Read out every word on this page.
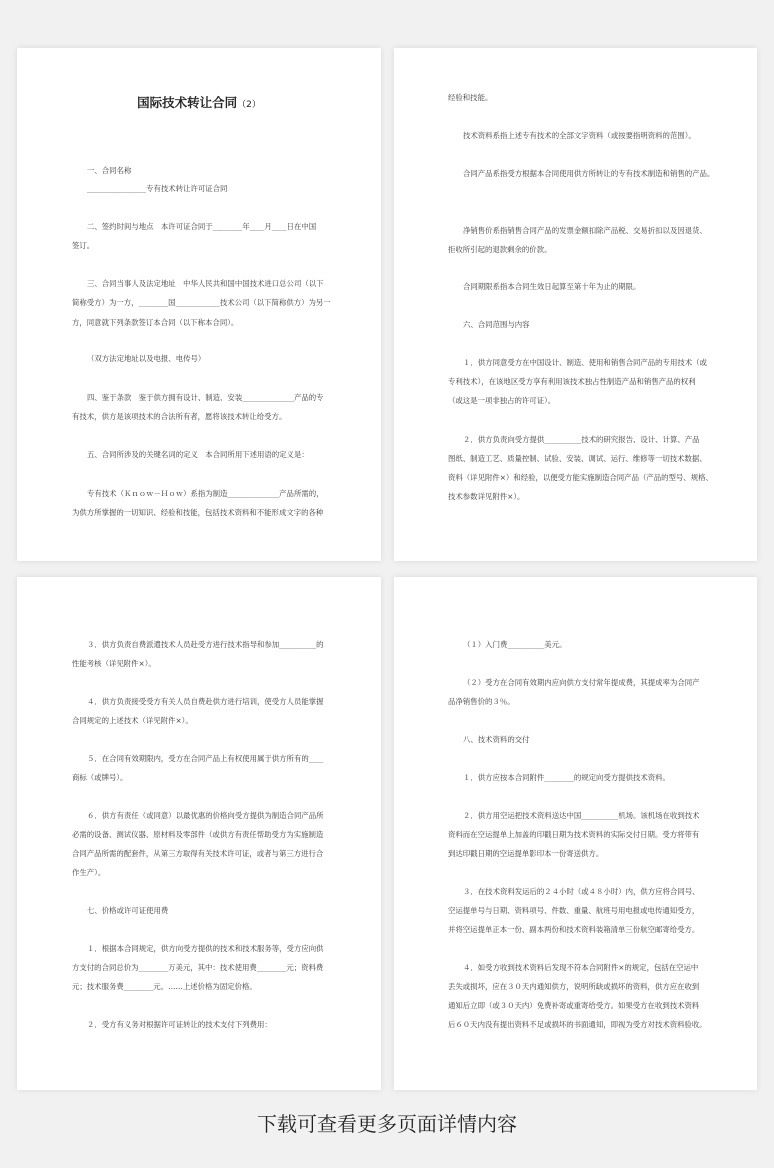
国际技术转让合同（2）
一、合同名称
________________专有技术转让许可证合同
二、签约时间与地点　本许可证合同于________年____月____日在中国
签订。
三、合同当事人及法定地址　中华人民共和国中国技术进口总公司（以下
简称受方）为一方，________国____________技术公司（以下简称供方）为另一
方，同意就下列条款签订本合同（以下称本合同）。
（双方法定地址以及电报、电传号）
四、鉴于条款　鉴于供方拥有设计、制造、安装______________产品的专
有技术，供方是该项技术的合法所有者，愿将该技术转让给受方。
五、合同所涉及的关键名词的定义　本合同所用下述用语的定义是：
专有技术（Ｋｎｏｗ－Ｈｏｗ）系指为制造______________产品所需的，
为供方所掌握的一切知识、经验和技能，包括技术资料和不能形成文字的各种
经验和技能。
技术资料系指上述专有技术的全部文字资料（或按要指明资料的范围）。
合同产品系指受方根据本合同使用供方所转让的专有技术制造和销售的产品。
净销售价系指销售合同产品的发票金额扣除产品税、交易折扣以及因退货、
拒收所引起的退款剩余的价款。
合同期限系指本合同生效日起算至第十年为止的期限。
六、合同范围与内容
１．供方同意受方在中国设计、制造、使用和销售合同产品的专用技术（或
专利技术），在该地区受方享有利用该技术独占性制造产品和销售产品的权利
（或这是一项非独占的许可证）。
２．供方负责向受方提供__________技术的研究报告、设计、计算、产品
图纸、制造工艺、质量控制、试验、安装、调试、运行、维修等一切技术数据、
资料（详见附件×）和经验，以便受方能实施制造合同产品（产品的型号、规格、
技术参数详见附件×）。
３．供方负责自费派遣技术人员赴受方进行技术指导和参加__________的
性能考核（详见附件×）。
４．供方负责接受受方有关人员自费赴供方进行培训，使受方人员能掌握
合同规定的上述技术（详见附件×）。
５．在合同有效期限内，受方在合同产品上有权使用属于供方所有的____
商标（或牌号）。
６．供方有责任（或同意）以最优惠的价格向受方提供为制造合同产品所
必需的设备、测试仪器、原材料及零部件（或供方有责任帮助受方为实施制造
合同产品所需的配套件，从第三方取得有关技术许可证，或者与第三方进行合
作生产）。
七、价格或许可证使用费
１．根据本合同规定，供方向受方提供的技术和技术服务等，受方应向供
方支付的合同总价为________万美元，其中：技术使用费________元；资料费
元；技术服务费________元。……上述价格为固定价格。
２．受方有义务对根据许可证转让的技术支付下列费用：
（１）入门费__________美元。
（２）受方在合同有效期内应向供方支付常年提成费，其提成率为合同产
品净销售价的３％。
八、技术资料的交付
１．供方应按本合同附件________的规定向受方提供技术资料。
２．供方用空运把技术资料送达中国__________机场。该机场在收到技术
资料而在空运提单上加盖的印戳日期为技术资料的实际交付日期。受方将带有
到达印戳日期的空运提单影印本一份寄送供方。
３．在技术资料发运后的２４小时（或４８小时）内，供方应将合同号、
空运提单号与日期、资料项号、件数、重量、航班号用电报或电传通知受方，
并将空运提单正本一份、副本两份和技术资料装箱清单三份航空邮寄给受方。
４．如受方收到技术资料后发现不符本合同附件×的规定，包括在空运中
丢失或损坏，应在３０天内通知供方，说明所缺或损坏的资料，供方应在收到
通知后立即（或３０天内）免费补寄或重寄给受方。如果受方在收到技术资料
后６０天内没有提出资料不足或损坏的书面通知，即视为受方对技术资料验收。
下载可查看更多页面详情内容
